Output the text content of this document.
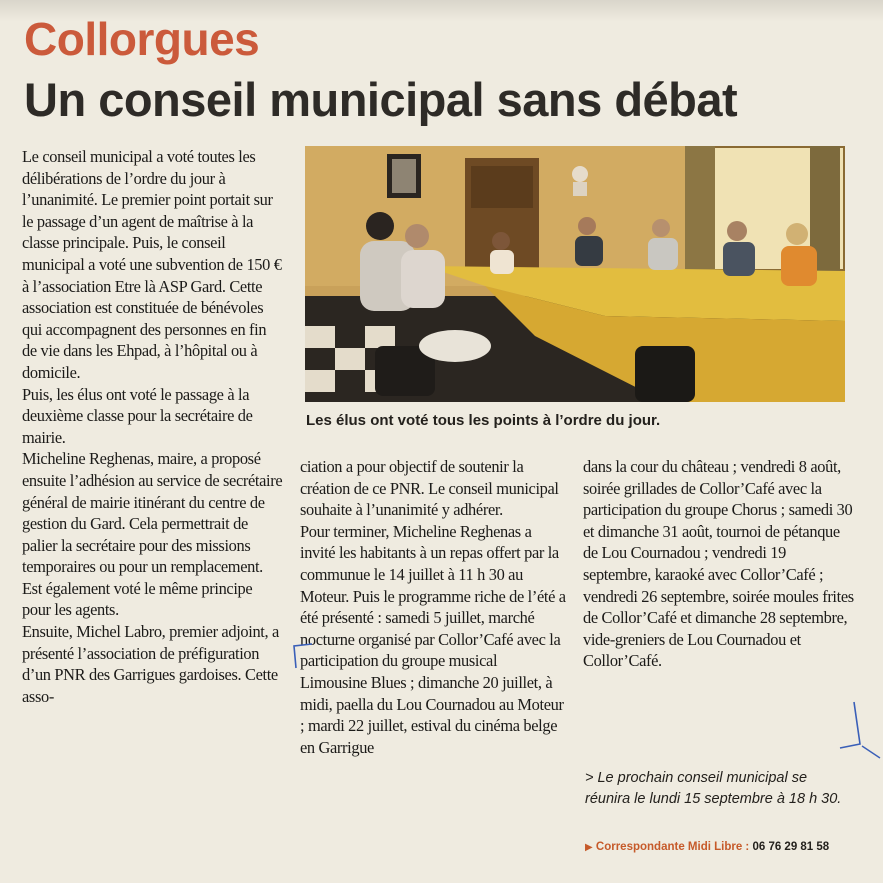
Collorgues
Un conseil municipal sans débat

Le conseil municipal a voté toutes les délibérations de l’ordre du jour à l’unanimité. Le premier point portait sur le passage d’un agent de maîtrise à la classe principale. Puis, le conseil municipal a voté une subvention de 150 € à l’association Etre là ASP Gard. Cette association est constituée de bénévoles qui accompagnent des personnes en fin de vie dans les Ehpad, à l’hôpital ou à domicile.

Puis, les élus ont voté le passage à la deuxième classe pour la secrétaire de mairie.

Micheline Reghenas, maire, a proposé ensuite l’adhésion au service de secrétaire général de mairie itinérant du centre de gestion du Gard. Cela permettrait de palier la secrétaire pour des missions temporaires ou pour un remplacement. Est également voté le même principe pour les agents.

Ensuite, Michel Labro, premier adjoint, a présenté l’association de préfiguration d’un PNR des Garrigues gardoises. Cette asso-

Les élus ont voté tous les points à l’ordre du jour.

ciation a pour objectif de soutenir la création de ce PNR. Le conseil municipal souhaite à l’unanimité y adhérer.

Pour terminer, Micheline Reghenas a invité les habitants à un repas offert par la communue le 14 juillet à 11 h 30 au Moteur. Puis le programme riche de l’été a été présenté : samedi 5 juillet, marché nocturne organisé par Collor’Café avec la participation du groupe musical Limousine Blues ; dimanche 20 juillet, à midi, paella du Lou Cournadou au Moteur ; mardi 22 juillet, estival du cinéma belge en Garrigue

dans la cour du château ; vendredi 8 août, soirée grillades de Collor’Café avec la participation du groupe Chorus ; samedi 30 et dimanche 31 août, tournoi de pétanque de Lou Cournadou ; vendredi 19 septembre, karaoké avec Collor’Café ; vendredi 26 septembre, soirée moules frites de Collor’Café et dimanche 28 septembre, vide-greniers de Lou Cournadou et Collor’Café.

> Le prochain conseil municipal se réunira le lundi 15 septembre à 18 h 30.
▶ Correspondante Midi Libre : 06 76 29 81 58
